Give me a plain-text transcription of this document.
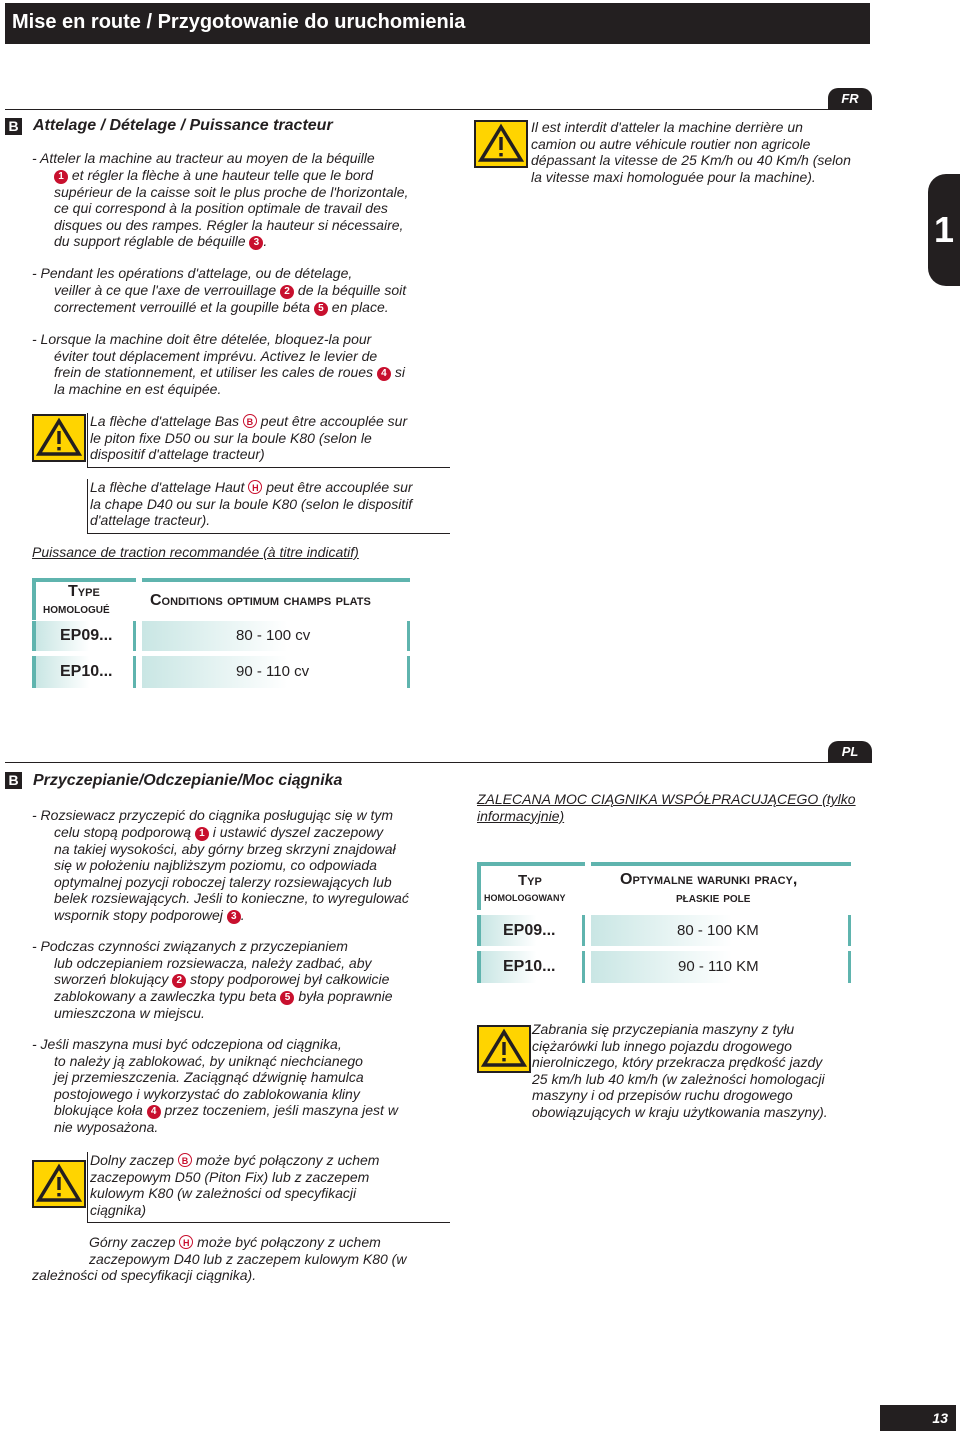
Mise en route / Przygotowanie do uruchomienia
1
FR
B Attelage / Dételage / Puissance tracteur

- Atteler la machine au tracteur au moyen de la béquille

1 et régler la flèche à une hauteur telle que le bord

supérieur de la caisse soit le plus proche de l'horizontale,

ce qui correspond à la position optimale de travail des

disques ou des rampes. Régler la hauteur si nécessaire,

du support réglable de béquille 3 .

- Pendant les opérations d'attelage, ou de dételage,

veiller à ce que l'axe de verrouillage 2 de la béquille soit

correctement verrouillé et la goupille béta 5 en place.

- Lorsque la machine doit être dételée, bloquez-la pour

éviter tout déplacement imprévu. Activez le levier de

frein de stationnement, et utiliser les cales de roues 4 si

la machine en est équipée.

La flèche d'attelage Bas B peut être accouplée sur

le piton fixe D50 ou sur la boule K80 (selon le

dispositif d'attelage tracteur)

La flèche d'attelage Haut H peut être accouplée sur

la chape D40 ou sur la boule K80 (selon le dispositif

d'attelage tracteur).

Il est interdit d'atteler la machine derrière un

camion ou autre véhicule routier non agricole

dépassant la vitesse de 25 Km/h ou 40 Km/h (selon

la vitesse maxi homologuée pour la machine).

Puissance de traction recommandée (à titre indicatif)
Type
homologué	Conditions optimum champs plats
EP09...	80 - 100 cv
EP10...	90 - 110 cv
PL
B Przyczepianie/Odczepianie/Moc ciągnika

- Rozsiewacz przyczepić do ciągnika posługując się w tym

celu stopą podporową 1 i ustawić dyszel zaczepowy

na takiej wysokości, aby górny brzeg skrzyni znajdował

się w położeniu najbliższym poziomu, co odpowiada

optymalnej pozycji roboczej talerzy rozsiewających lub

belek rozsiewających. Jeśli to konieczne, to wyregulować

wspornik stopy podporowej 3 .

- Podczas czynności związanych z przyczepianiem

lub odczepianiem rozsiewacza, należy zadbać, aby

sworzeń blokujący 2 stopy podporowej był całkowicie

zablokowany a zawleczka typu beta 5 była poprawnie

umieszczona w miejscu.

- Jeśli maszyna musi być odczepiona od ciągnika,

to należy ją zablokować, by uniknąć niechcianego

jej przemieszczenia. Zaciągnąć dźwignię hamulca

postojowego i wykorzystać do zablokowania kliny

blokujące koła 4 przez toczeniem, jeśli maszyna jest w

nie wyposażona.

Dolny zaczep B może być połączony z uchem

zaczepowym D50 (Piton Fix) lub z zaczepem

kulowym K80 (w zależności od specyfikacji

ciągnika)

Górny zaczep H może być połączony z uchem

zaczepowym D40 lub z zaczepem kulowym K80 (w

zależności od specyfikacji ciągnika).

ZALECANA MOC CIĄGNIKA WSPÓŁPRACUJĄCEGO (tylko

informacyjnie)

Typ
homologowany
Optymalne warunki pracy,
płaskie pole
EP09...	80 - 100 KM
EP10...	90 - 110 KM

Zabrania się przyczepiania maszyny z tyłu

ciężarówki lub innego pojazdu drogowego

nierolniczego, który przekracza prędkość jazdy

25 km/h lub 40 km/h (w zależności homologacji

maszyny i od przepisów ruchu drogowego

obowiązujących w kraju użytkowania maszyny).

13
